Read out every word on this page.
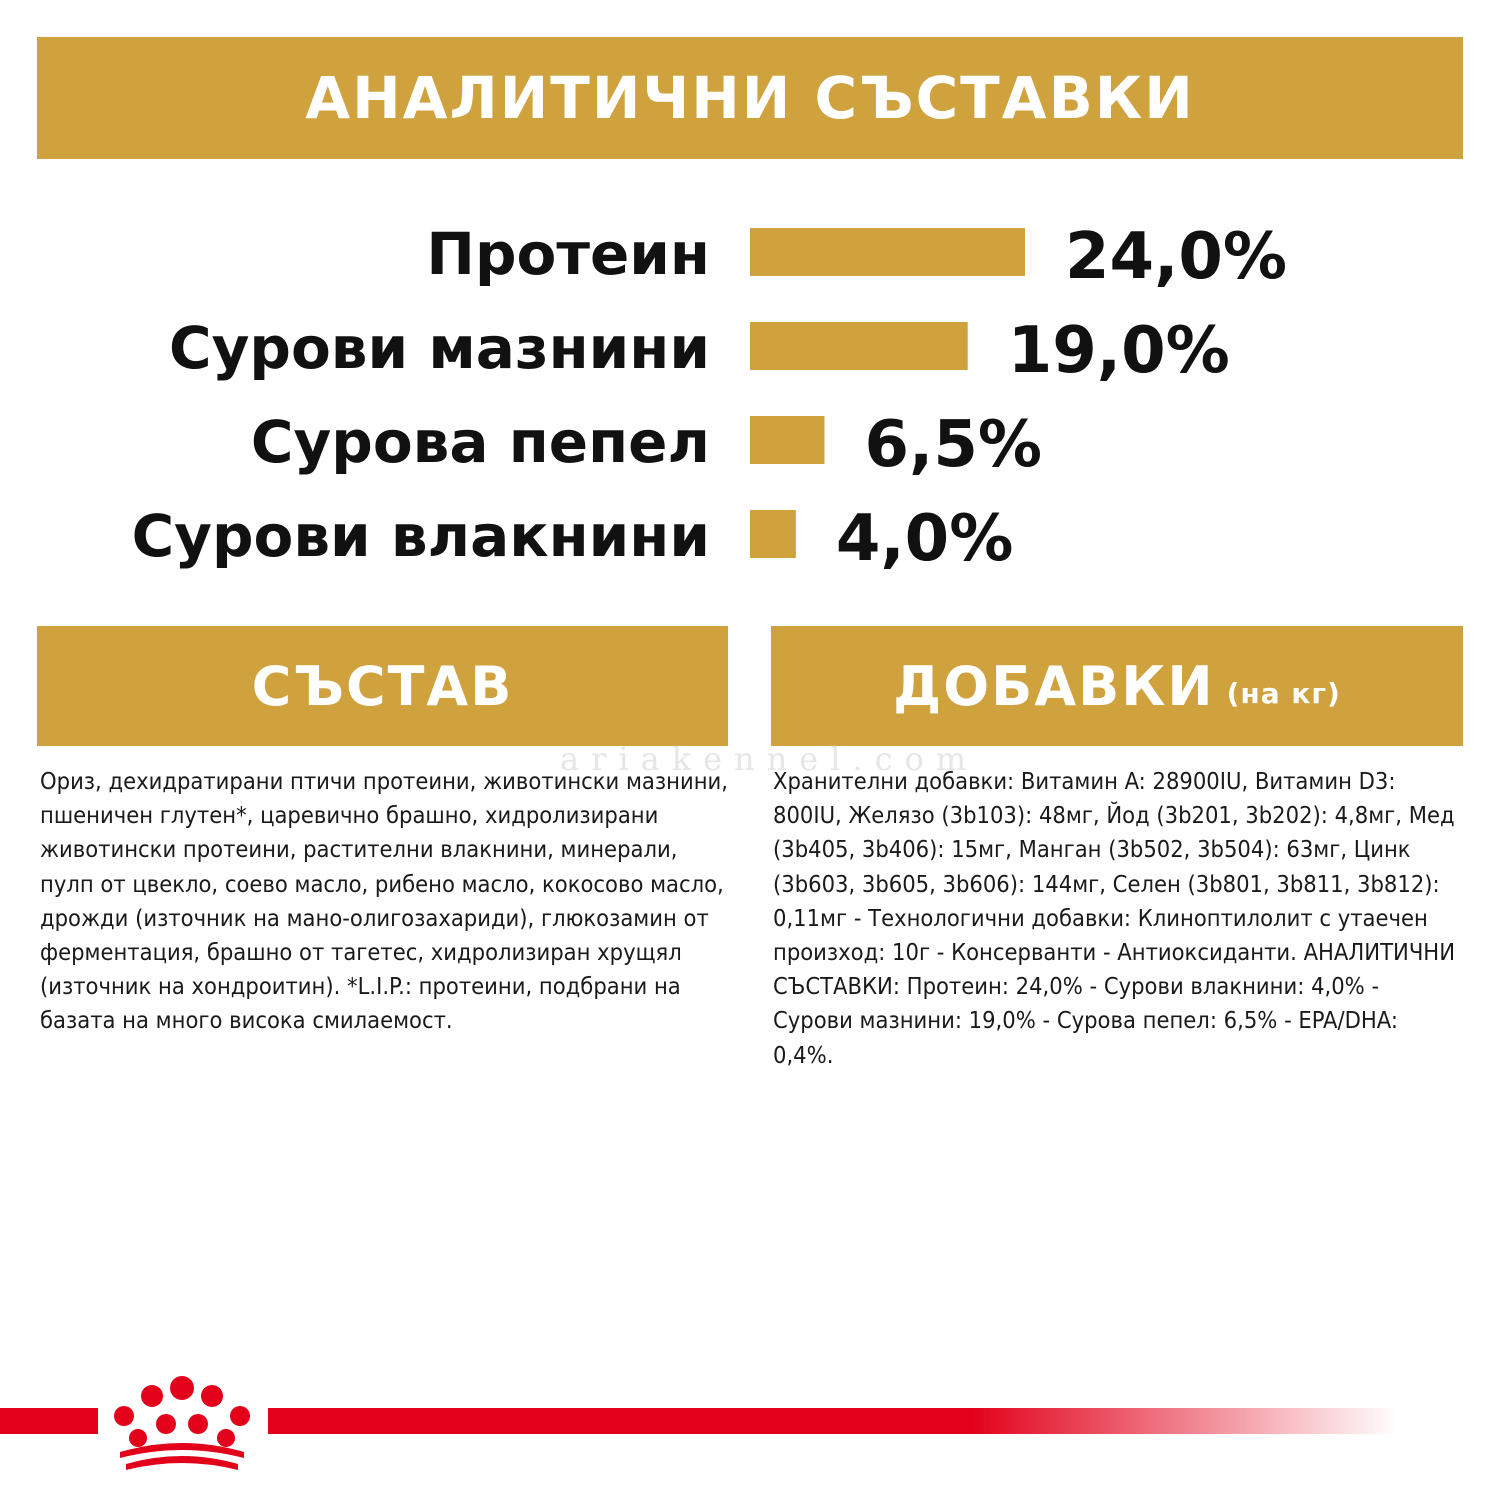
АНАЛИТИЧНИ СЪСТАВКИ
Протеин	24,0%
Сурови мазнини	19,0%
Сурова пепел 6,5%
Сурови влакнини 4,0%
СЪСТАВ	ДОБАВКИ (на кг)
ariakennel.com

Ориз, дехидратирани птичи протеини, животински мазнини, пшеничен глутен*, царевично брашно, хидролизирани животински протеини, растителни влакнини, минерали, пулп от цвекло, соево масло, рибено масло, кокосово масло, дрожди (източник на мано-олигозахариди), глюкозамин от ферментация, брашно от тагетес, хидролизиран хрущял (източник на хондроитин). *L.I.P.: протеини, подбрани на базата на много висока смилаемост.

Хранителни добавки: Витамин A: 28900IU, Витамин D3: 800IU, Желязо (3b103): 48мг, Йод (3b201, 3b202): 4,8мг, Мед (3b405, 3b406): 15мг, Манган (3b502, 3b504): 63мг, Цинк (3b603, 3b605, 3b606): 144мг, Селен (3b801, 3b811, 3b812): 0,11мг - Технологични добавки: Клиноптилолит с утаечен произход: 10г - Консерванти - Антиоксиданти. АНАЛИТИЧНИ СЪСТАВКИ: Протеин: 24,0% - Сурови влакнини: 4,0% - Сурови мазнини: 19,0% - Сурова пепел: 6,5% - EPA/DHA: 0,4%.
